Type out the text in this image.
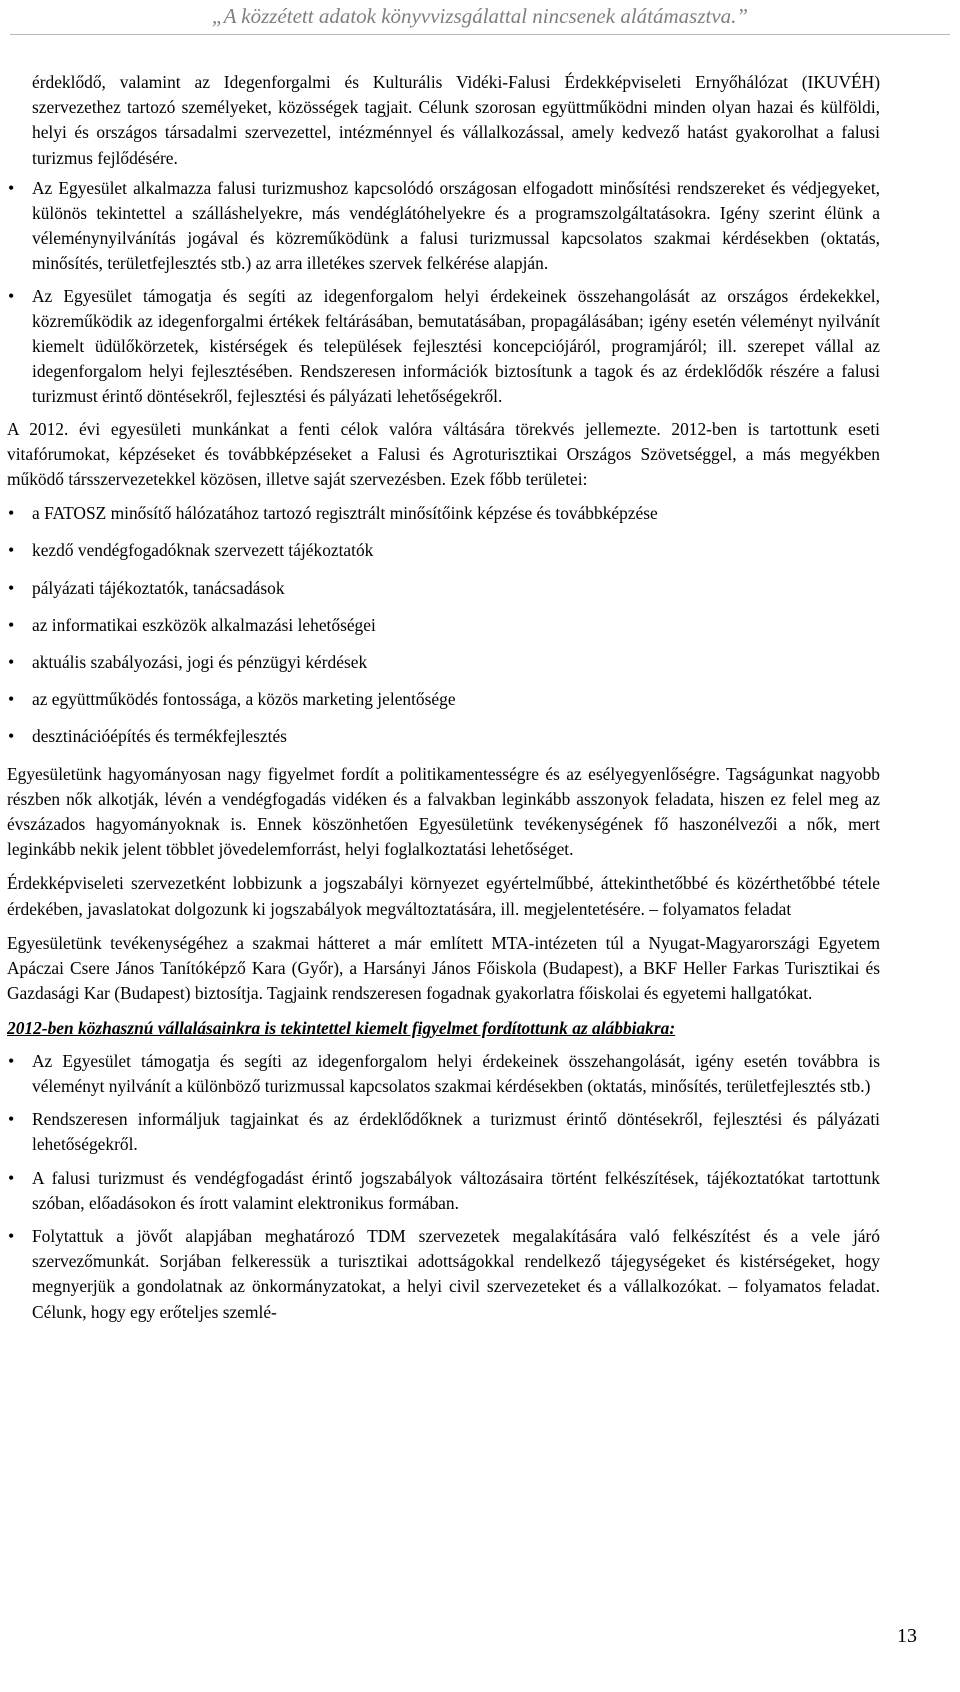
„A közzétett adatok könyvvizsgálattal nincsenek alátámasztva.”

érdeklődő, valamint az Idegenforgalmi és Kulturális Vidéki-Falusi Érdekképviseleti Ernyőhálózat (IKUVÉH) szervezethez tartozó személyeket, közösségek tagjait. Célunk szorosan együttműködni minden olyan hazai és külföldi, helyi és országos társadalmi szervezettel, intézménnyel és vállalkozással, amely kedvező hatást gyakorolhat a falusi turizmus fejlődésére.

• Az Egyesület alkalmazza falusi turizmushoz kapcsolódó országosan elfogadott minősítési rendszereket és védjegyeket, különös tekintettel a szálláshelyekre, más vendéglátóhelyekre és a programszolgáltatásokra. Igény szerint élünk a véleménynyilvánítás jogával és közreműködünk a falusi turizmussal kapcsolatos szakmai kérdésekben (oktatás, minősítés, területfejlesztés stb.) az arra illetékes szervek felkérése alapján.
• Az Egyesület támogatja és segíti az idegenforgalom helyi érdekeinek összehangolását az országos érdekekkel, közreműködik az idegenforgalmi értékek feltárásában, bemutatásában, propagálásában; igény esetén véleményt nyilvánít kiemelt üdülőkörzetek, kistérségek és települések fejlesztési koncepciójáról, programjáról; ill. szerepet vállal az idegenforgalom helyi fejlesztésében. Rendszeresen információk biztosítunk a tagok és az érdeklődők részére a falusi turizmust érintő döntésekről, fejlesztési és pályázati lehetőségekről.

A 2012. évi egyesületi munkánkat a fenti célok valóra váltására törekvés jellemezte. 2012-ben is tartottunk eseti vitafórumokat, képzéseket és továbbképzéseket a Falusi és Agroturisztikai Országos Szövetséggel, a más megyékben működő társszervezetekkel közösen, illetve saját szervezésben. Ezek főbb területei:

• a FATOSZ minősítő hálózatához tartozó regisztrált minősítőink képzése és továbbképzése
• kezdő vendégfogadóknak szervezett tájékoztatók
• pályázati tájékoztatók, tanácsadások
• az informatikai eszközök alkalmazási lehetőségei
• aktuális szabályozási, jogi és pénzügyi kérdések
• az együttműködés fontossága, a közös marketing jelentősége
• desztinációépítés és termékfejlesztés

Egyesületünk hagyományosan nagy figyelmet fordít a politikamentességre és az esélyegyenlőségre. Tagságunkat nagyobb részben nők alkotják, lévén a vendégfogadás vidéken és a falvakban leginkább asszonyok feladata, hiszen ez felel meg az évszázados hagyományoknak is. Ennek köszönhetően Egyesületünk tevékenységének fő haszonélvezői a nők, mert leginkább nekik jelent többlet jövedelemforrást, helyi foglalkoztatási lehetőséget.

Érdekképviseleti szervezetként lobbizunk a jogszabályi környezet egyértelműbbé, áttekinthetőbbé és közérthetőbbé tétele érdekében, javaslatokat dolgozunk ki jogszabályok megváltoztatására, ill. megjelentetésére. – folyamatos feladat

Egyesületünk tevékenységéhez a szakmai hátteret a már említett MTA-intézeten túl a Nyugat-Magyarországi Egyetem Apáczai Csere János Tanítóképző Kara (Győr), a Harsányi János Főiskola (Budapest), a BKF Heller Farkas Turisztikai és Gazdasági Kar (Budapest) biztosítja. Tagjaink rendszeresen fogadnak gyakorlatra főiskolai és egyetemi hallgatókat.

2012-ben közhasznú vállalásainkra is tekintettel kiemelt figyelmet fordítottunk az alábbiakra:

• Az Egyesület támogatja és segíti az idegenforgalom helyi érdekeinek összehangolását, igény esetén továbbra is véleményt nyilvánít a különböző turizmussal kapcsolatos szakmai kérdésekben (oktatás, minősítés, területfejlesztés stb.)
• Rendszeresen informáljuk tagjainkat és az érdeklődőknek a turizmust érintő döntésekről, fejlesztési és pályázati lehetőségekről.
• A falusi turizmust és vendégfogadást érintő jogszabályok változásaira történt felkészítések, tájékoztatókat tartottunk szóban, előadásokon és írott valamint elektronikus formában.
• Folytattuk a jövőt alapjában meghatározó TDM szervezetek megalakítására való felkészítést és a vele járó szervezőmunkát. Sorjában felkeressük a turisztikai adottságokkal rendelkező tájegységeket és kistérségeket, hogy megnyerjük a gondolatnak az önkormányzatokat, a helyi civil szervezeteket és a vállalkozókat. – folyamatos feladat. Célunk, hogy egy erőteljes szemlé-
13
